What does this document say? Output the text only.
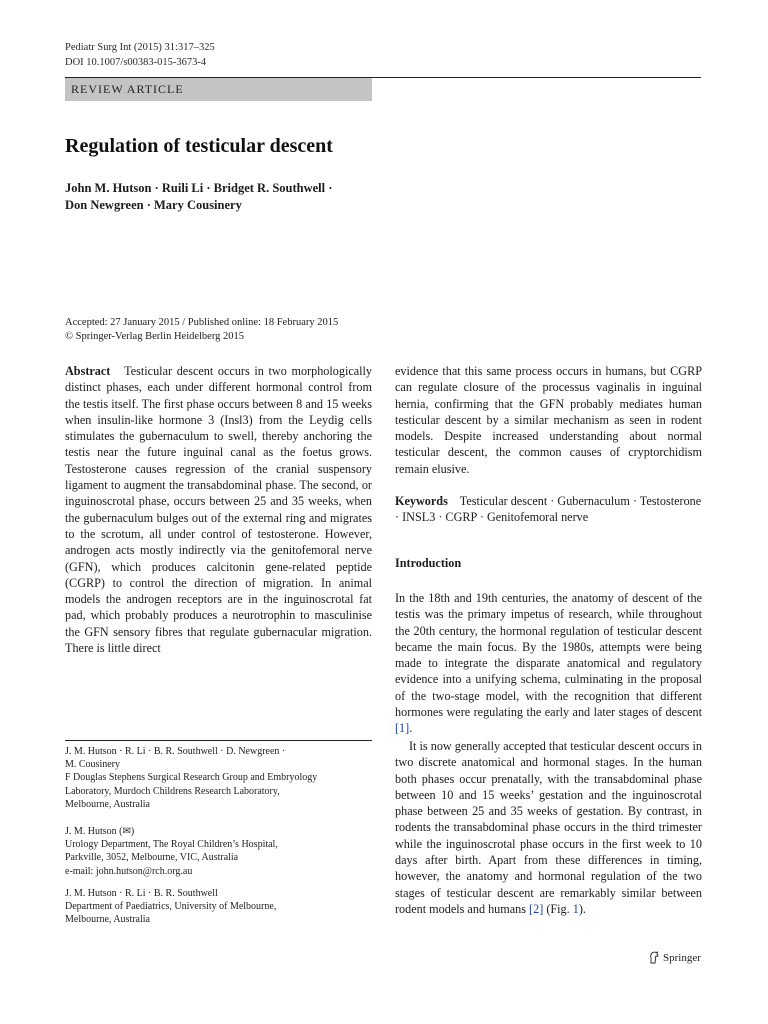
Pediatr Surg Int (2015) 31:317–325
DOI 10.1007/s00383-015-3673-4
REVIEW ARTICLE
Regulation of testicular descent
John M. Hutson · Ruili Li · Bridget R. Southwell ·
Don Newgreen · Mary Cousinery
Accepted: 27 January 2015 / Published online: 18 February 2015
© Springer-Verlag Berlin Heidelberg 2015
Abstract Testicular descent occurs in two morphologically distinct phases, each under different hormonal control from the testis itself. The first phase occurs between 8 and 15 weeks when insulin-like hormone 3 (Insl3) from the Leydig cells stimulates the gubernaculum to swell, thereby anchoring the testis near the future inguinal canal as the foetus grows. Testosterone causes regression of the cranial suspensory ligament to augment the transabdominal phase. The second, or inguinoscrotal phase, occurs between 25 and 35 weeks, when the gubernaculum bulges out of the external ring and migrates to the scrotum, all under control of testosterone. However, androgen acts mostly indirectly via the genitofemoral nerve (GFN), which produces calcitonin gene-related peptide (CGRP) to control the direction of migration. In animal models the androgen receptors are in the inguinoscrotal fat pad, which probably produces a neurotrophin to masculinise the GFN sensory fibres that regulate gubernacular migration. There is little direct
evidence that this same process occurs in humans, but CGRP can regulate closure of the processus vaginalis in inguinal hernia, confirming that the GFN probably mediates human testicular descent by a similar mechanism as seen in rodent models. Despite increased understanding about normal testicular descent, the common causes of cryptorchidism remain elusive.
Keywords Testicular descent · Gubernaculum · Testosterone · INSL3 · CGRP · Genitofemoral nerve
Introduction
In the 18th and 19th centuries, the anatomy of descent of the testis was the primary impetus of research, while throughout the 20th century, the hormonal regulation of testicular descent became the main focus. By the 1980s, attempts were being made to integrate the disparate anatomical and regulatory evidence into a unifying schema, culminating in the proposal of the two-stage model, with the recognition that different hormones were regulating the early and later stages of descent [1].
It is now generally accepted that testicular descent occurs in two discrete anatomical and hormonal stages. In the human both phases occur prenatally, with the transabdominal phase between 10 and 15 weeks’ gestation and the inguinoscrotal phase between 25 and 35 weeks of gestation. By contrast, in rodents the transabdominal phase occurs in the third trimester while the inguinoscrotal phase occurs in the first week to 10 days after birth. Apart from these differences in timing, however, the anatomy and hormonal regulation of the two stages of testicular descent are remarkably similar between rodent models and humans [2] (Fig. 1).
J. M. Hutson · R. Li · B. R. Southwell · D. Newgreen ·
M. Cousinery
F Douglas Stephens Surgical Research Group and Embryology
Laboratory, Murdoch Childrens Research Laboratory,
Melbourne, Australia
J. M. Hutson (✉)
Urology Department, The Royal Children’s Hospital,
Parkville, 3052, Melbourne, VIC, Australia
e-mail: john.hutson@rch.org.au
J. M. Hutson · R. Li · B. R. Southwell
Department of Paediatrics, University of Melbourne,
Melbourne, Australia
Springer
